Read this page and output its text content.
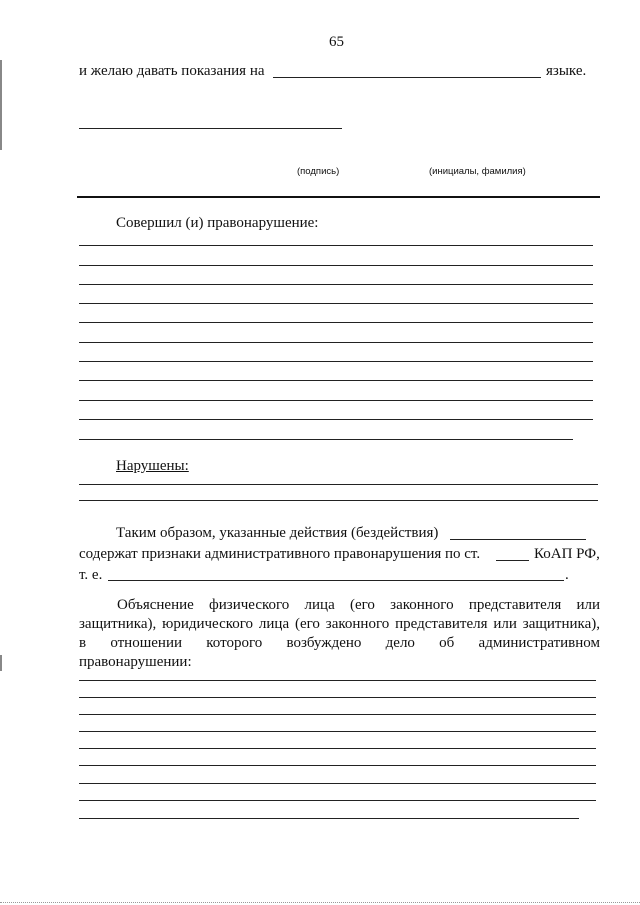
65
и желаю давать показания на	языке.
(подпись)	(инициалы, фамилия)
Совершил (и) правонарушение:
Нарушены:
Таким образом, указанные действия (бездействия)
содержат признаки административного правонарушения по ст.	КоАП РФ,
т. е.	.
Объяснение физического лица (его законного представителя или
защитника), юридического лица (его законного представителя или защитника),
в отношении которого возбуждено дело об административном
правонарушении:
